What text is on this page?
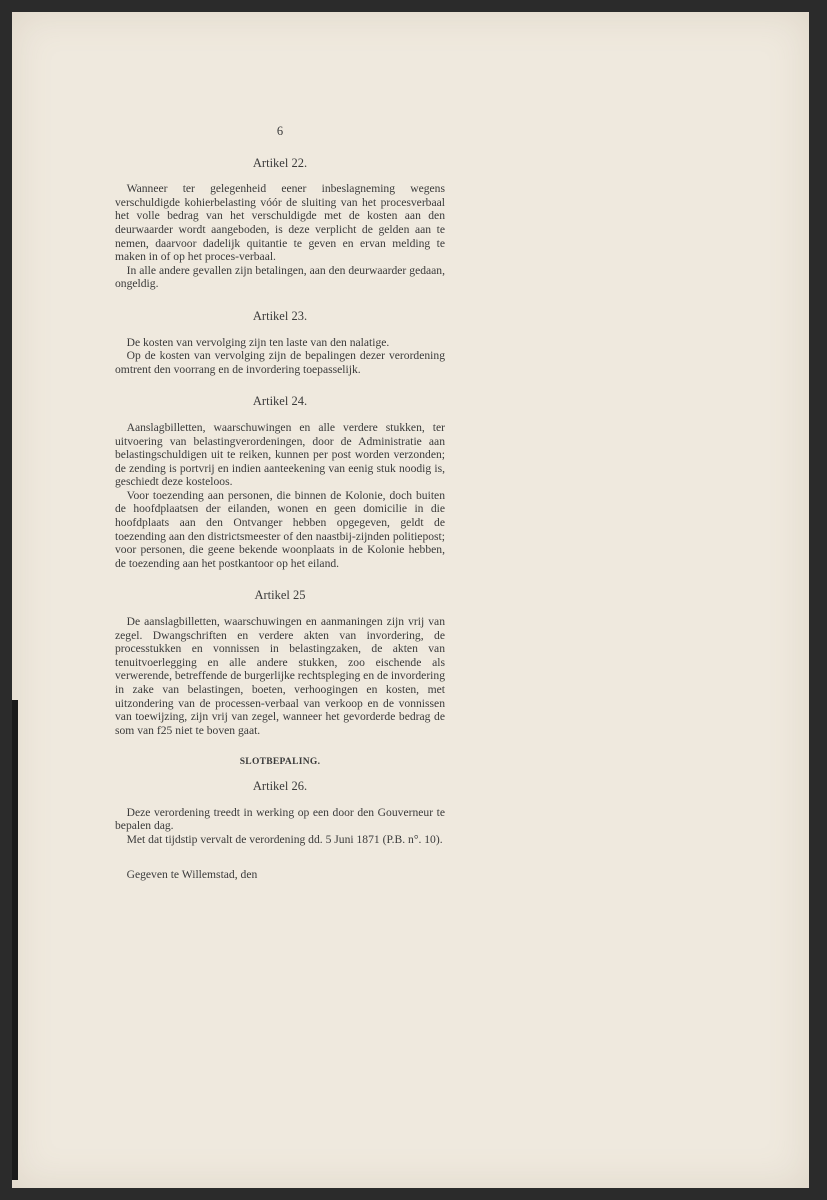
6
Artikel 22.

Wanneer ter gelegenheid eener inbeslagneming wegens verschuldigde kohierbelasting vóór de sluiting van het procesverbaal het volle bedrag van het verschuldigde met de kosten aan den deurwaarder wordt aangeboden, is deze verplicht de gelden aan te nemen, daarvoor dadelijk quitantie te geven en ervan melding te maken in of op het proces-verbaal.

In alle andere gevallen zijn betalingen, aan den deurwaarder gedaan, ongeldig.

Artikel 23.

De kosten van vervolging zijn ten laste van den nalatige.

Op de kosten van vervolging zijn de bepalingen dezer verordening omtrent den voorrang en de invordering toepasselijk.

Artikel 24.

Aanslagbilletten, waarschuwingen en alle verdere stukken, ter uitvoering van belastingverordeningen, door de Administratie aan belastingschuldigen uit te reiken, kunnen per post worden verzonden; de zending is portvrij en indien aanteekening van eenig stuk noodig is, geschiedt deze kosteloos.

Voor toezending aan personen, die binnen de Kolonie, doch buiten de hoofdplaatsen der eilanden, wonen en geen domicilie in die hoofdplaats aan den Ontvanger hebben opgegeven, geldt de toezending aan den districtsmeester of den naastbij-zijnden politiepost; voor personen, die geene bekende woonplaats in de Kolonie hebben, de toezending aan het postkantoor op het eiland.

Artikel 25

De aanslagbilletten, waarschuwingen en aanmaningen zijn vrij van zegel. Dwangschriften en verdere akten van invordering, de processtukken en vonnissen in belastingzaken, de akten van tenuitvoerlegging en alle andere stukken, zoo eischende als verwerende, betreffende de burgerlijke rechtspleging en de invordering in zake van belastingen, boeten, verhoogingen en kosten, met uitzondering van de processen-verbaal van verkoop en de vonnissen van toewijzing, zijn vrij van zegel, wanneer het gevorderde bedrag de som van f25 niet te boven gaat.

SLOTBEPALING.
Artikel 26.

Deze verordening treedt in werking op een door den Gouverneur te bepalen dag.

Met dat tijdstip vervalt de verordening dd. 5 Juni 1871 (P.B. n°. 10).

Gegeven te Willemstad, den
